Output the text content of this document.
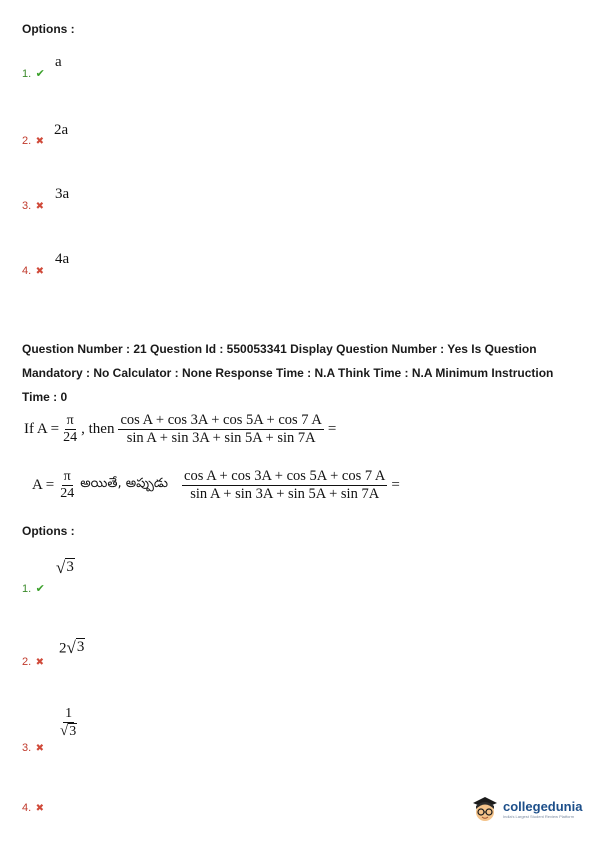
Options :
1. ✔
a
2. ✖
2a
3. ✖
3a
4. ✖
4a
Question Number : 21 Question Id : 550053341 Display Question Number : Yes Is Question
Mandatory : No Calculator : None Response Time : N.A Think Time : N.A Minimum Instruction
Time : 0
If $A = \frac{\pi}{24}$ , then $\frac{\text{cos A + cos 3A + cos 5A + cos 7 A}}{\text{sin A + sin 3A + sin 5A + sin 7A}}$ =
$A = \frac{\pi}{24}$ అయితే, అప్పుడు $\frac{\text{cos A + cos 3A + cos 5A + cos 7 A}}{\text{sin A + sin 3A + sin 5A + sin 7A}}$ =
Options :
1. ✔
√ 3
2. ✖
2 √ 3
3. ✖
$\frac{1}{√ 3}$
4. ✖	collegedunia
India's Largest Student Review Platform
